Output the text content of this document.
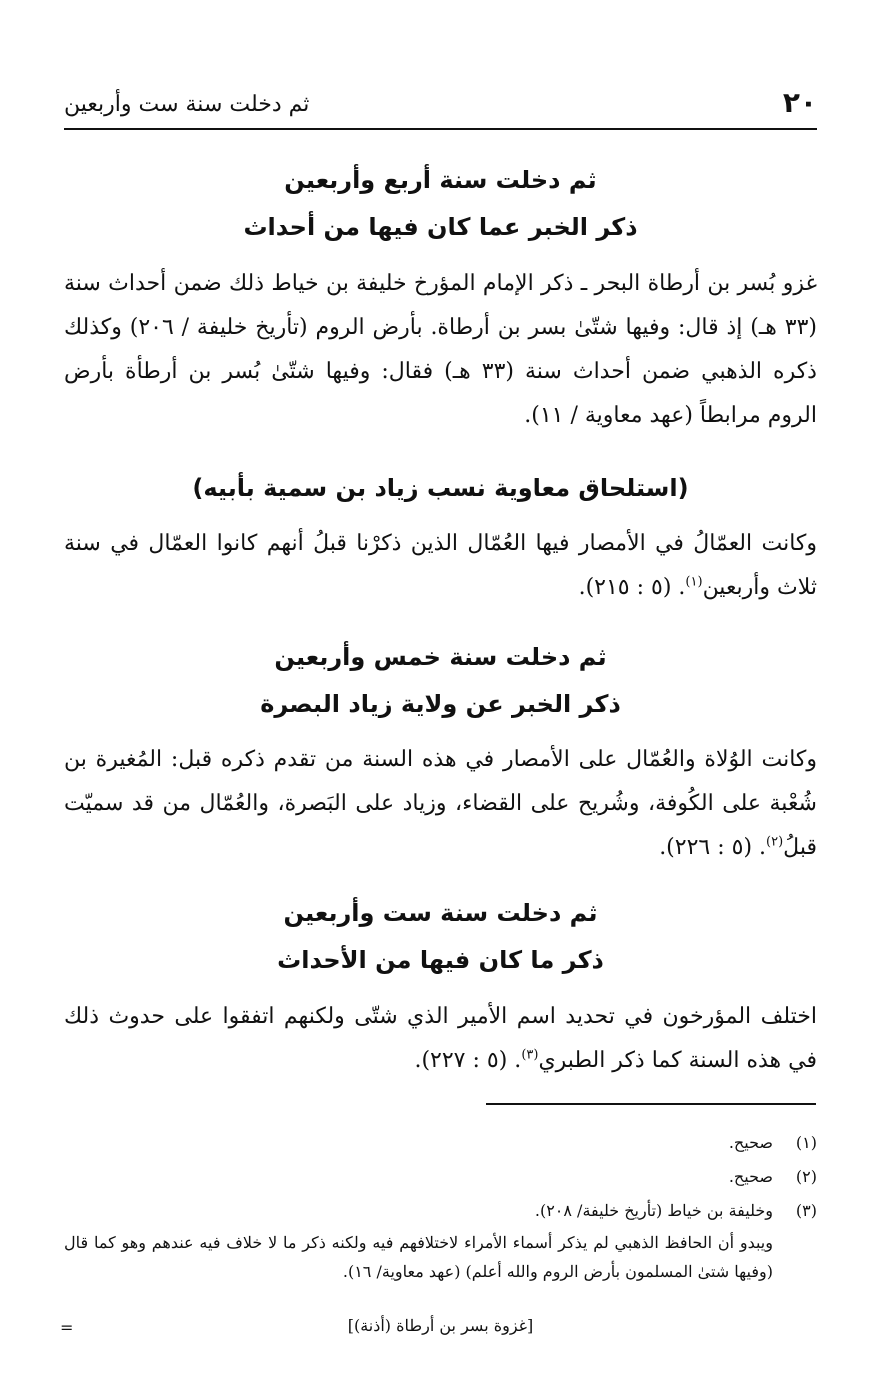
٢٠
ثم دخلت سنة ست وأربعين
ثم دخلت سنة أربع وأربعين
ذكر الخبر عما كان فيها من أحداث
غزو بُسر بن أرطاة البحر ـ ذكر الإمام المؤرخ خليفة بن خياط ذلك ضمن أحداث سنة (٣٣ هـ) إذ قال: وفيها شتّىٰ بسر بن أرطاة. بأرض الروم (تأريخ خليفة / ٢٠٦) وكذلك ذكره الذهبي ضمن أحداث سنة (٣٣ هـ) فقال: وفيها شتّىٰ بُسر بن أرطأة بأرض الروم مرابطاً (عهد معاوية / ١١).
(استلحاق معاوية نسب زياد بن سمية بأبيه)
وكانت العمّالُ في الأمصار فيها العُمّال الذين ذكرْنا قبلُ أنهم كانوا العمّال في سنة ثلاث وأربعين$^{(١)}$. (٥ : ٢١٥).
ثم دخلت سنة خمس وأربعين
ذكر الخبر عن ولاية زياد البصرة
وكانت الوُلاة والعُمّال على الأمصار في هذه السنة من تقدم ذكره قبل: المُغيرة بن شُعْبة على الكُوفة، وشُريح على القضاء، وزياد على البَصرة، والعُمّال من قد سميّت قبلُ$^{(٢)}$. (٥ : ٢٢٦).
ثم دخلت سنة ست وأربعين
ذكر ما كان فيها من الأحداث
اختلف المؤرخون في تحديد اسم الأمير الذي شتّى ولكنهم اتفقوا على حدوث ذلك في هذه السنة كما ذكر الطبري$^{(٣)}$. (٥ : ٢٢٧).
(١)
صحيح.
(٢)
صحيح.
(٣)
وخليفة بن خياط (تأريخ خليفة/ ٢٠٨).
ويبدو أن الحافظ الذهبي لم يذكر أسماء الأمراء لاختلافهم فيه ولكنه ذكر ما لا خلاف فيه عندهم وهو كما قال (وفيها شتىٰ المسلمون بأرض الروم والله أعلم) (عهد معاوية/ ١٦).
[غزوة بسر بن أرطاة (أذنة)]
=
